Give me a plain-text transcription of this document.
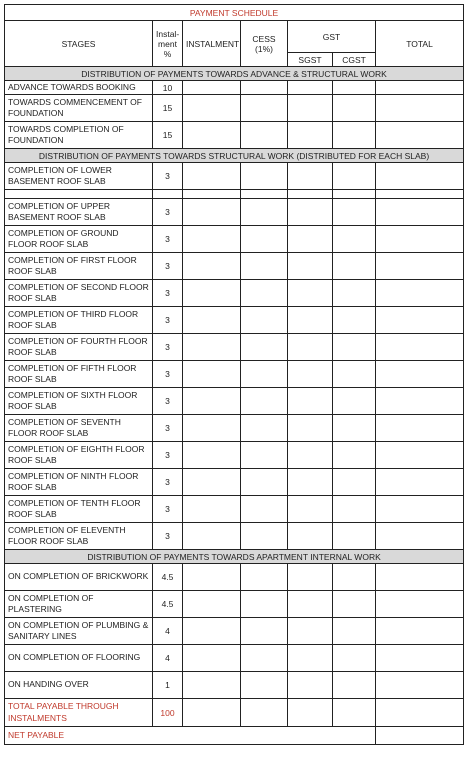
PAYMENT SCHEDULE						
STAGES	Instal-ment %	INSTALMENT	CESS (1%)	GST		TOTAL
				SGST	CGST	
DISTRIBUTION OF PAYMENTS TOWARDS ADVANCE & STRUCTURAL WORK						
ADVANCE TOWARDS BOOKING	10					
TOWARDS COMMENCEMENT OF FOUNDATION	15					
TOWARDS COMPLETION OF FOUNDATION	15					
DISTRIBUTION OF PAYMENTS TOWARDS STRUCTURAL WORK (DISTRIBUTED FOR EACH SLAB)						
COMPLETION OF LOWER BASEMENT ROOF SLAB	3					

COMPLETION OF UPPER BASEMENT ROOF SLAB	3					
COMPLETION OF GROUND FLOOR ROOF SLAB	3					
COMPLETION OF FIRST FLOOR ROOF SLAB	3					
COMPLETION OF SECOND FLOOR ROOF SLAB	3					
COMPLETION OF THIRD FLOOR ROOF SLAB	3					
COMPLETION OF FOURTH FLOOR ROOF SLAB	3					
COMPLETION OF FIFTH FLOOR ROOF SLAB	3					
COMPLETION OF SIXTH FLOOR ROOF SLAB	3					
COMPLETION OF SEVENTH FLOOR ROOF SLAB	3					
COMPLETION OF EIGHTH FLOOR ROOF SLAB	3					
COMPLETION OF NINTH FLOOR ROOF SLAB	3					
COMPLETION OF TENTH FLOOR ROOF SLAB	3					
COMPLETION OF ELEVENTH FLOOR ROOF SLAB	3					
DISTRIBUTION OF PAYMENTS TOWARDS APARTMENT INTERNAL WORK						
ON COMPLETION OF BRICKWORK	4.5					
ON COMPLETION OF PLASTERING	4.5					
ON COMPLETION OF PLUMBING & SANITARY LINES	4					
ON COMPLETION OF FLOORING	4					
ON HANDING OVER	1					
TOTAL PAYABLE THROUGH INSTALMENTS	100					
NET PAYABLE						
